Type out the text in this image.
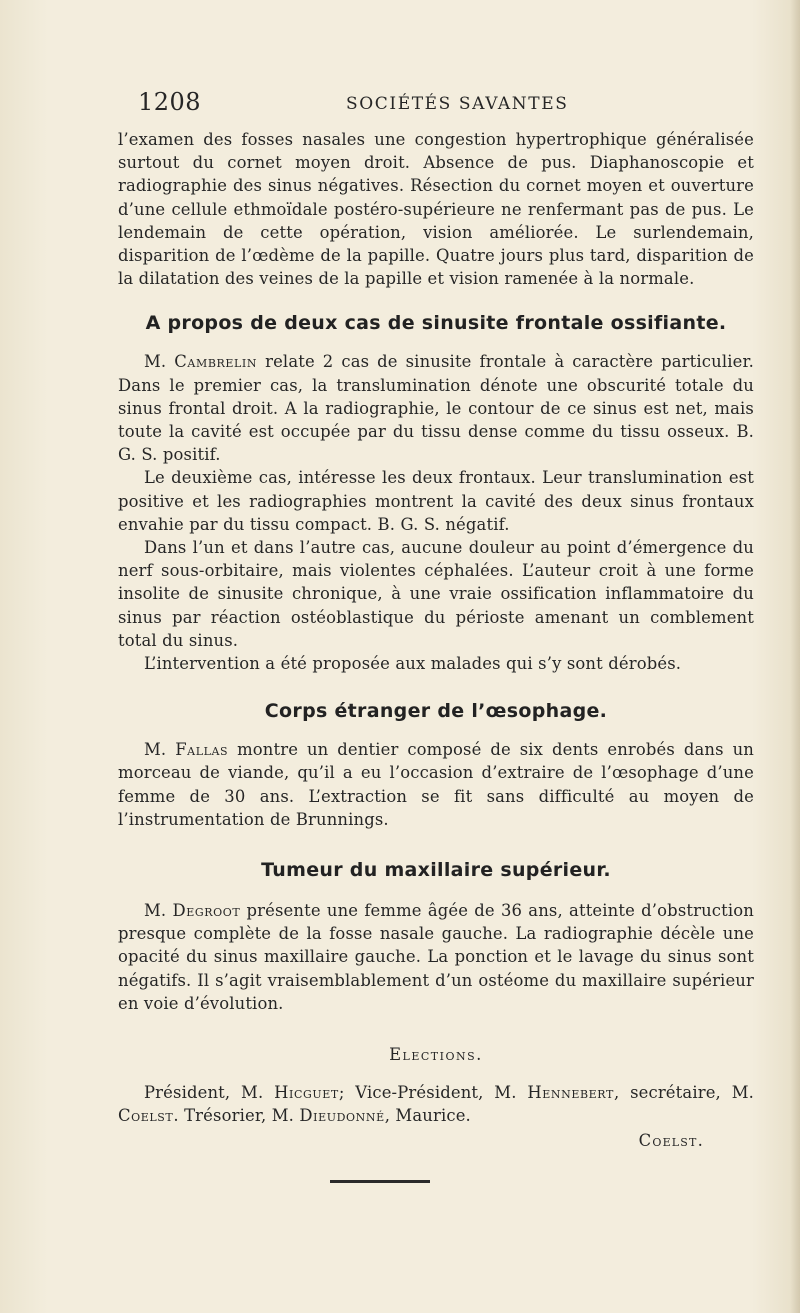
1208	SOCIÉTÉS SAVANTES

l’examen des fosses nasales une congestion hypertrophique généralisée surtout du cornet moyen droit. Absence de pus. Diaphanoscopie et radiographie des sinus négatives. Résection du cornet moyen et ouverture d’une cellule ethmoïdale postéro-supérieure ne renfermant pas de pus. Le lendemain de cette opération, vision améliorée. Le surlendemain, disparition de l’œdème de la papille. Quatre jours plus tard, disparition de la dilatation des veines de la papille et vision ramenée à la normale.

A propos de deux cas de sinusite frontale ossifiante.

M. Cambrelin relate 2 cas de sinusite frontale à caractère particulier. Dans le premier cas, la translumination dénote une obscurité totale du sinus frontal droit. A la radiographie, le contour de ce sinus est net, mais toute la cavité est occupée par du tissu dense comme du tissu osseux. B. G. S. positif.

Le deuxième cas, intéresse les deux frontaux. Leur translumination est positive et les radiographies montrent la cavité des deux sinus frontaux envahie par du tissu compact. B. G. S. négatif.

Dans l’un et dans l’autre cas, aucune douleur au point d’émergence du nerf sous-orbitaire, mais violentes céphalées. L’auteur croit à une forme insolite de sinusite chronique, à une vraie ossification inflammatoire du sinus par réaction ostéoblastique du périoste amenant un comblement total du sinus.

L’intervention a été proposée aux malades qui s’y sont dérobés.

Corps étranger de l’œsophage.

M. Fallas montre un dentier composé de six dents enrobés dans un morceau de viande, qu’il a eu l’occasion d’extraire de l’œsophage d’une femme de 30 ans. L’extraction se fit sans difficulté au moyen de l’instrumentation de Brunnings.

Tumeur du maxillaire supérieur.

M. Degroot présente une femme âgée de 36 ans, atteinte d’obstruction presque complète de la fosse nasale gauche. La radiographie décèle une opacité du sinus maxillaire gauche. La ponction et le lavage du sinus sont négatifs. Il s’agit vraisemblablement d’un ostéome du maxillaire supérieur en voie d’évolution.

Elections.

Président, M. Hicguet; Vice-Président, M. Hennebert, secrétaire, M. Coelst. Trésorier, M. Dieudonné, Maurice.

Coelst.
